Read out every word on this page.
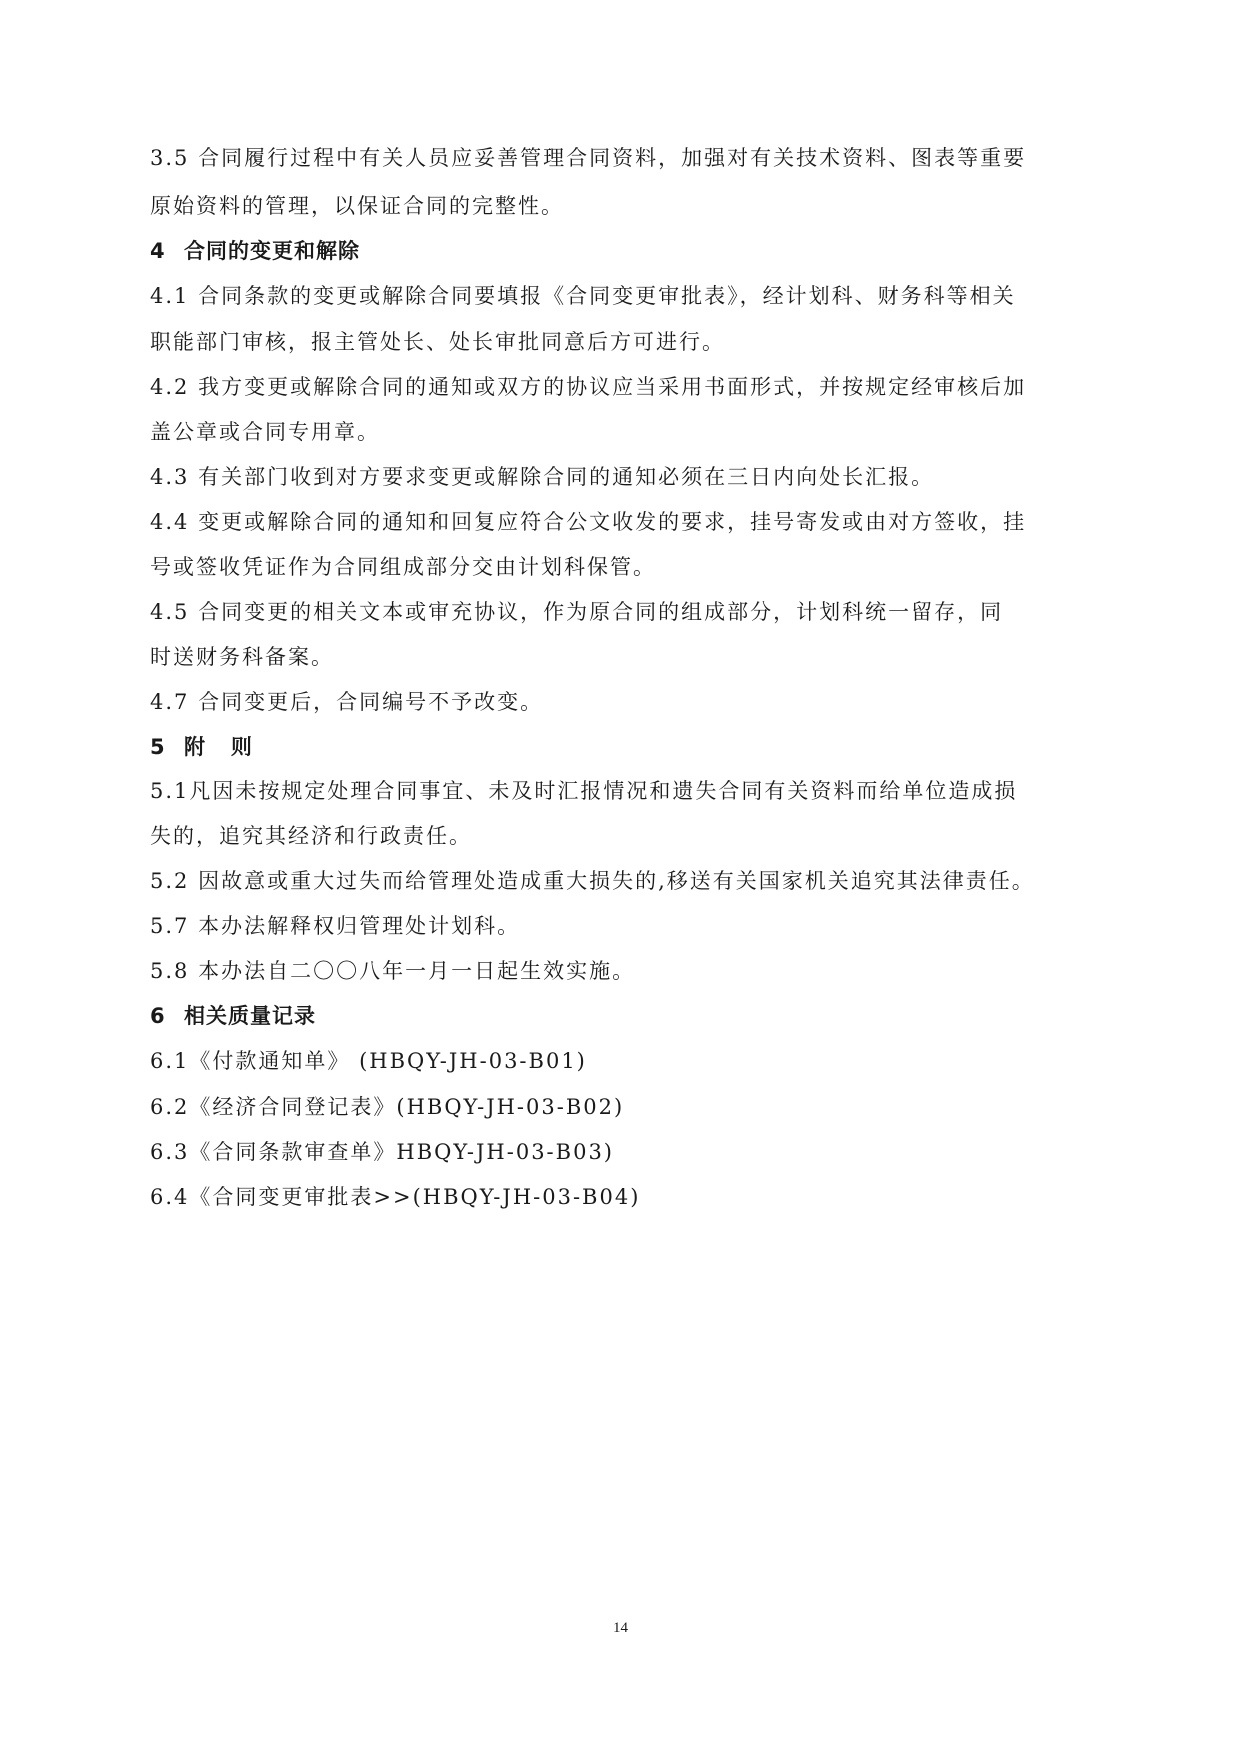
3.5 合同履行过程中有关人员应妥善管理合同资料，加强对有关技术资料、图表等重要
原始资料的管理，以保证合同的完整性。
4 合同的变更和解除
4.1 合同条款的变更或解除合同要填报《合同变更审批表》，经计划科、财务科等相关
职能部门审核，报主管处长、处长审批同意后方可进行。
4.2 我方变更或解除合同的通知或双方的协议应当采用书面形式，并按规定经审核后加
盖公章或合同专用章。
4.3 有关部门收到对方要求变更或解除合同的通知必须在三日内向处长汇报。
4.4 变更或解除合同的通知和回复应符合公文收发的要求，挂号寄发或由对方签收，挂
号或签收凭证作为合同组成部分交由计划科保管。
4.5 合同变更的相关文本或审充协议，作为原合同的组成部分，计划科统一留存，同
时送财务科备案。
4.7 合同变更后，合同编号不予改变。
5 附   则
5.1凡因未按规定处理合同事宜、未及时汇报情况和遗失合同有关资料而给单位造成损
失的，追究其经济和行政责任。
5.2 因故意或重大过失而给管理处造成重大损失的,移送有关国家机关追究其法律责任。
5.7 本办法解释权归管理处计划科。
5.8 本办法自二〇〇八年一月一日起生效实施。
6 相关质量记录
6.1《付款通知单》 (HBQY-JH-03-B01)
6.2《经济合同登记表》(HBQY-JH-03-B02)
6.3《合同条款审查单》HBQY-JH-03-B03)
6.4《合同变更审批表>>(HBQY-JH-03-B04)
14
